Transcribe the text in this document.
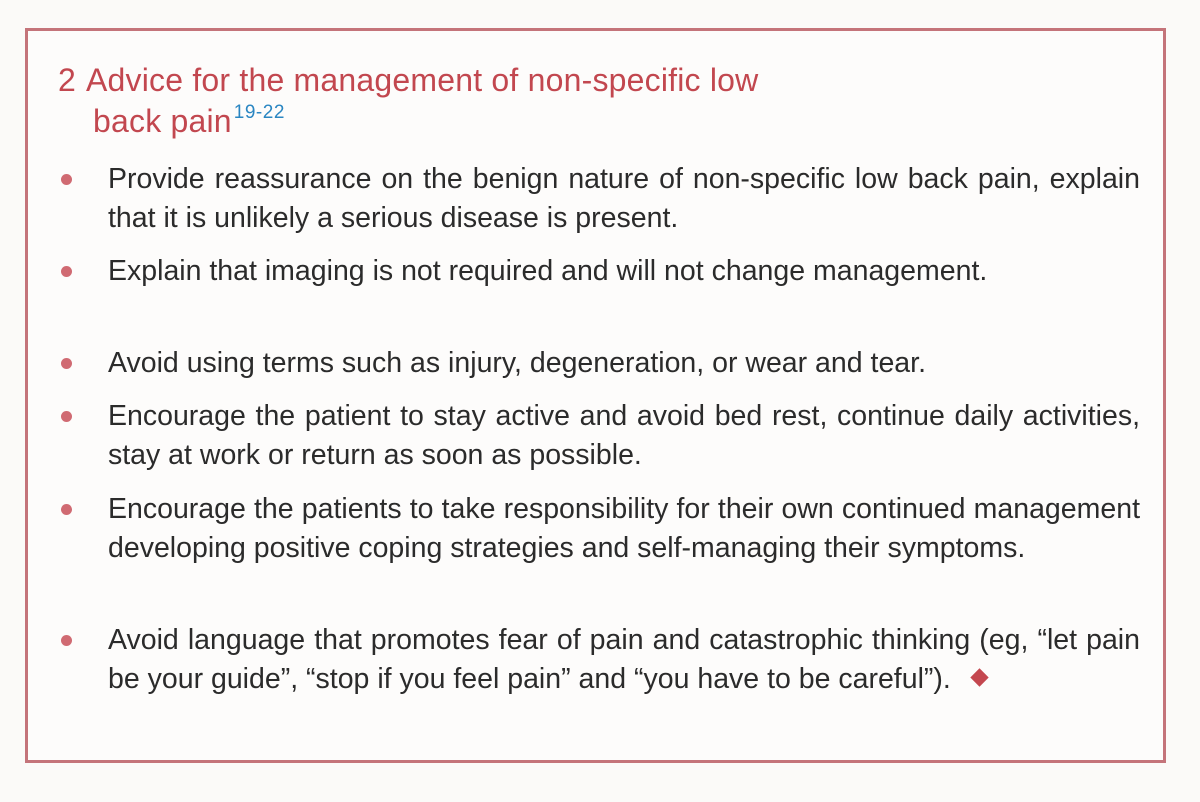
2 Advice for the management of non-specific low
back pain $^{19-22}$
Provide reassurance on the benign nature of non-specific low back pain, explain that it is unlikely a serious disease is present.
Explain that imaging is not required and will not change management.
Avoid using terms such as injury, degeneration, or wear and tear.
Encourage the patient to stay active and avoid bed rest, continue daily activities, stay at work or return as soon as possible.
Encourage the patients to take responsibility for their own continued management developing positive coping strategies and self-managing their symptoms.
Avoid language that promotes fear of pain and catastrophic thinking (eg, “let pain be your guide”, “stop if you feel pain” and “you have to be careful”).
